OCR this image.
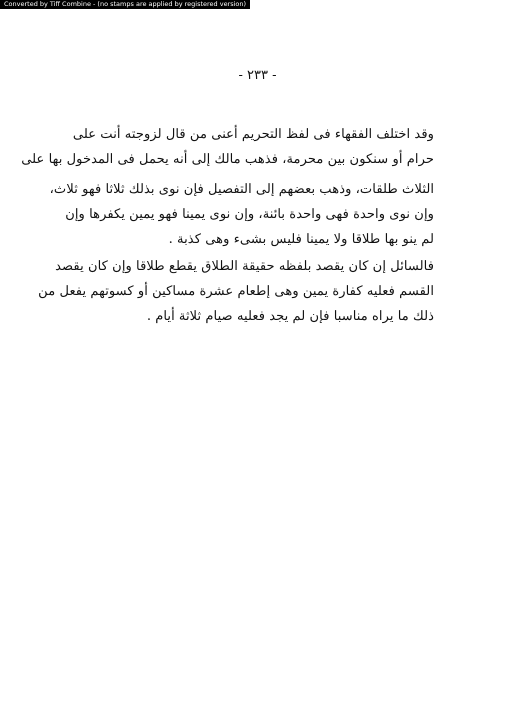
Converted by Tiff Combine - (no stamps are applied by registered version)
- ٢٣٣ -
وقد اختلف الفقهاء فى لفظ التحريم أعنى من قال لزوجته أنت على
حرام أو سنكون بين محرمة، فذهب مالك إلى أنه يحمل فى المدخول بها على
الثلاث طلقات، وذهب بعضهم إلى التفصيل فإن نوى بذلك ثلاثا فهو ثلاث،
وإن نوى واحدة فهى واحدة بائنة، وإن نوى يمينا فهو يمين يكفرها وإن
لم ينو بها طلاقا ولا يمينا فليس بشىء وهى كذبة .
فالسائل إن كان يقصد بلفظه حقيقة الطلاق يقطع طلاقا وإن كان يقصد
القسم فعليه كفارة يمين وهى إطعام عشرة مساكين أو كسوتهم يفعل من
ذلك ما يراه مناسبا فإن لم يجد فعليه صيام ثلاثة أيام .
